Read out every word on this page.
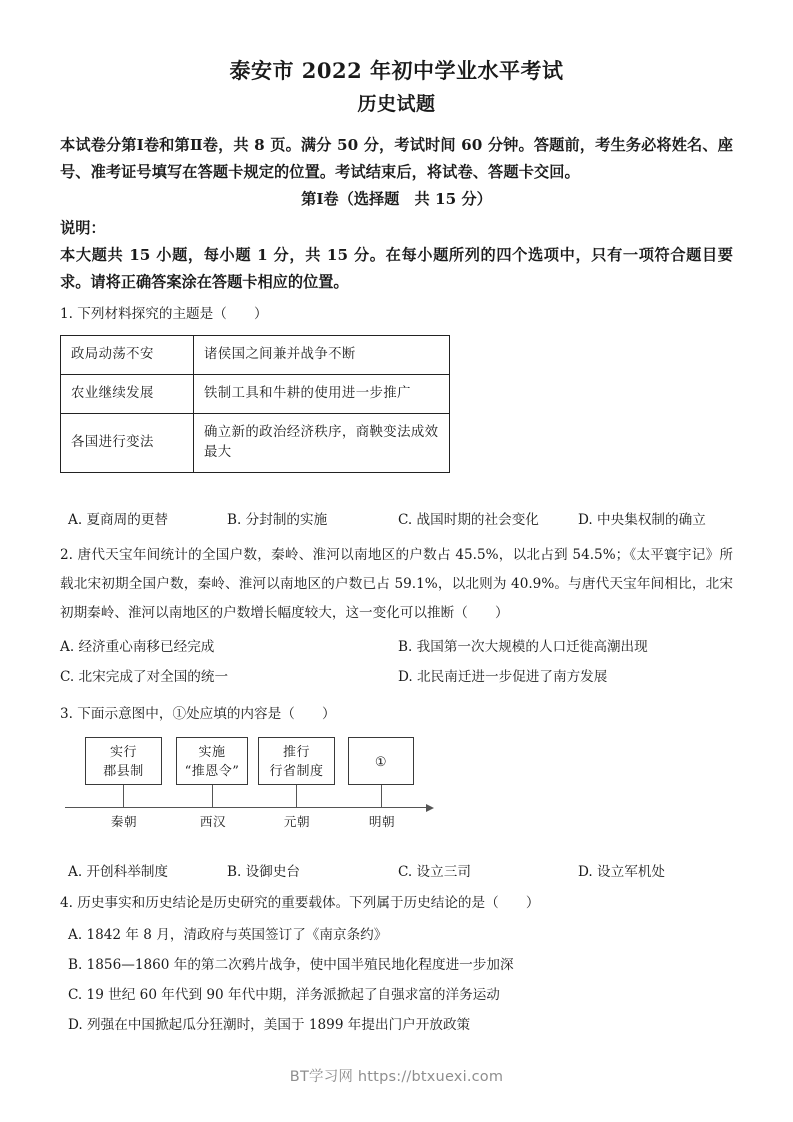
泰安市 2022 年初中学业水平考试
历史试题

本试卷分第Ⅰ卷和第Ⅱ卷，共 8 页。满分 50 分，考试时间 60 分钟。答题前，考生务必将姓名、座号、准考证号填写在答题卡规定的位置。考试结束后，将试卷、答题卡交回。

第Ⅰ卷（选择题　共 15 分）

说明：

本大题共 15 小题，每小题 1 分，共 15 分。在每小题所列的四个选项中，只有一项符合题目要求。请将正确答案涂在答题卡相应的位置。

1. 下列材料探究的主题是（　　）

政局动荡不安	诸侯国之间兼并战争不断
农业继续发展	铁制工具和牛耕的使用进一步推广
各国进行变法	确立新的政治经济秩序，商鞅变法成效最大
A. 夏商周的更替	B. 分封制的实施	C. 战国时期的社会变化	D. 中央集权制的确立

2. 唐代天宝年间统计的全国户数，秦岭、淮河以南地区的户数占 45.5%，以北占到 54.5%；《太平寰宇记》所载北宋初期全国户数，秦岭、淮河以南地区的户数已占 59.1%，以北则为 40.9%。与唐代天宝年间相比，北宋初期秦岭、淮河以南地区的户数增长幅度较大，这一变化可以推断（　　）

A. 经济重心南移已经完成	B. 我国第一次大规模的人口迁徙高潮出现
C. 北宋完成了对全国的统一	D. 北民南迁进一步促进了南方发展

3. 下面示意图中，①处应填的内容是（　　）

实行
郡县制
实施
“推恩令”
推行
行省制度
①
秦朝	西汉	元朝	明朝
A. 开创科举制度	B. 设御史台	C. 设立三司	D. 设立军机处

4. 历史事实和历史结论是历史研究的重要载体。下列属于历史结论的是（　　）

A. 1842 年 8 月，清政府与英国签订了《南京条约》

B. 1856—1860 年的第二次鸦片战争，使中国半殖民地化程度进一步加深

C. 19 世纪 60 年代到 90 年代中期，洋务派掀起了自强求富的洋务运动

D. 列强在中国掀起瓜分狂潮时，美国于 1899 年提出门户开放政策

BT学习网 https://btxuexi.com
